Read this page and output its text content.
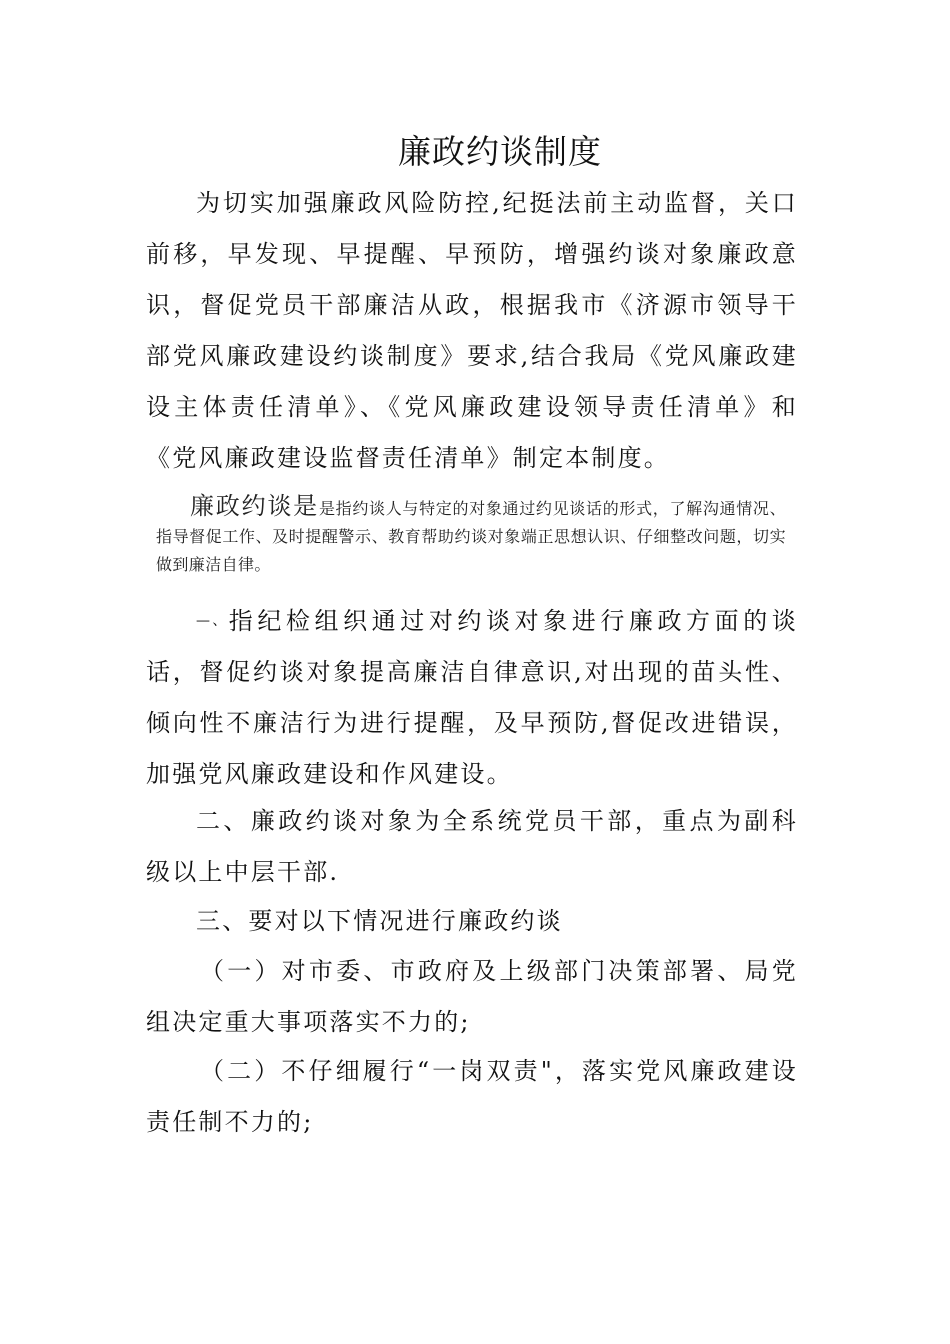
廉政约谈制度

为切实加强廉政风险防控,纪挺法前主动监督，关口前移，早发现、早提醒、早预防，增强约谈对象廉政意识，督促党员干部廉洁从政，根据我市《济源市领导干部党风廉政建设约谈制度》要求,结合我局《党风廉政建设主体责任清单》、《党风廉政建设领导责任清单》和《党风廉政建设监督责任清单》制定本制度。

廉政约谈是是指约谈人与特定的对象通过约见谈话的形式，了解沟通情况、指导督促工作、及时提醒警示、教育帮助约谈对象端正思想认识、仔细整改问题，切实做到廉洁自律。

—、指纪检组织通过对约谈对象进行廉政方面的谈话，督促约谈对象提高廉洁自律意识,对出现的苗头性、倾向性不廉洁行为进行提醒，及早预防,督促改进错误，加强党风廉政建设和作风建设。

二、廉政约谈对象为全系统党员干部，重点为副科级以上中层干部.

三、要对以下情况进行廉政约谈

（一）对市委、市政府及上级部门决策部署、局党组决定重大事项落实不力的;

（二）不仔细履行“一岗双责"，落实党风廉政建设责任制不力的;
